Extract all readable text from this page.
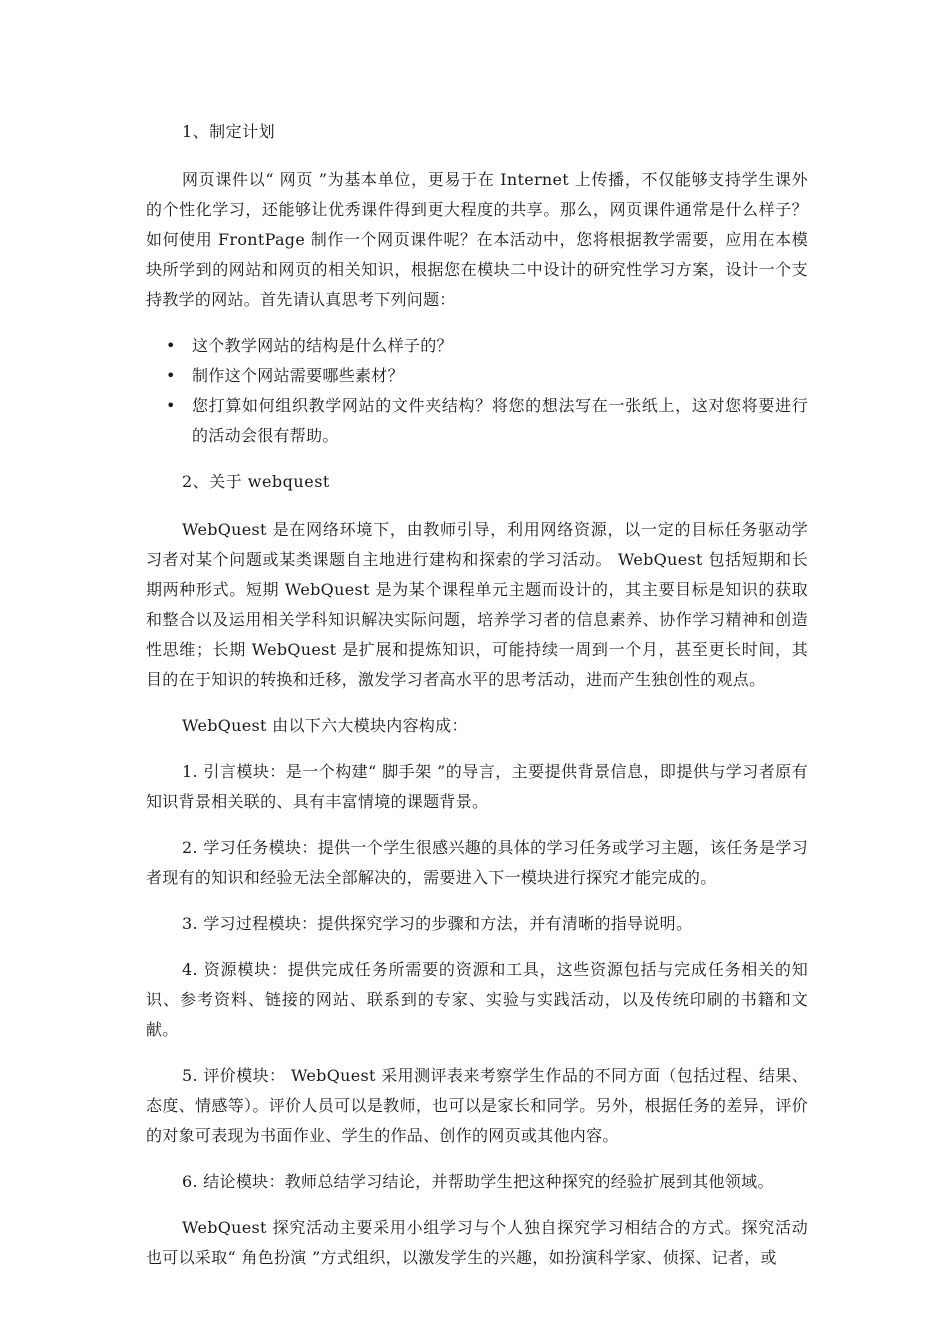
1、制定计划

网页课件以“ 网页 ”为基本单位，更易于在 Internet 上传播，不仅能够支持学生课外的个性化学习，还能够让优秀课件得到更大程度的共享。那么，网页课件通常是什么样子？如何使用 FrontPage 制作一个网页课件呢？在本活动中，您将根据教学需要，应用在本模块所学到的网站和网页的相关知识，根据您在模块二中设计的研究性学习方案，设计一个支持教学的网站。首先请认真思考下列问题：

• 这个教学网站的结构是什么样子的？
• 制作这个网站需要哪些素材？
• 您打算如何组织教学网站的文件夹结构？将您的想法写在一张纸上，这对您将要进行的活动会很有帮助。
2、关于 webquest

WebQuest 是在网络环境下，由教师引导，利用网络资源，以一定的目标任务驱动学习者对某个问题或某类课题自主地进行建构和探索的学习活动。 WebQuest 包括短期和长期两种形式。短期 WebQuest 是为某个课程单元主题而设计的，其主要目标是知识的获取和整合以及运用相关学科知识解决实际问题，培养学习者的信息素养、协作学习精神和创造性思维；长期 WebQuest 是扩展和提炼知识，可能持续一周到一个月，甚至更长时间，其目的在于知识的转换和迁移，激发学习者高水平的思考活动，进而产生独创性的观点。

WebQuest 由以下六大模块内容构成：

1. 引言模块：是一个构建“ 脚手架 ”的导言，主要提供背景信息，即提供与学习者原有知识背景相关联的、具有丰富情境的课题背景。

2. 学习任务模块：提供一个学生很感兴趣的具体的学习任务或学习主题，该任务是学习者现有的知识和经验无法全部解决的，需要进入下一模块进行探究才能完成的。

3. 学习过程模块：提供探究学习的步骤和方法，并有清晰的指导说明。

4. 资源模块：提供完成任务所需要的资源和工具，这些资源包括与完成任务相关的知识、参考资料、链接的网站、联系到的专家、实验与实践活动，以及传统印刷的书籍和文献。

5. 评价模块： WebQuest 采用测评表来考察学生作品的不同方面（包括过程、结果、态度、情感等）。评价人员可以是教师，也可以是家长和同学。另外，根据任务的差异，评价的对象可表现为书面作业、学生的作品、创作的网页或其他内容。

6. 结论模块：教师总结学习结论，并帮助学生把这种探究的经验扩展到其他领域。

WebQuest 探究活动主要采用小组学习与个人独自探究学习相结合的方式。探究活动也可以采取“ 角色扮演 ”方式组织，以激发学生的兴趣，如扮演科学家、侦探、记者，或
